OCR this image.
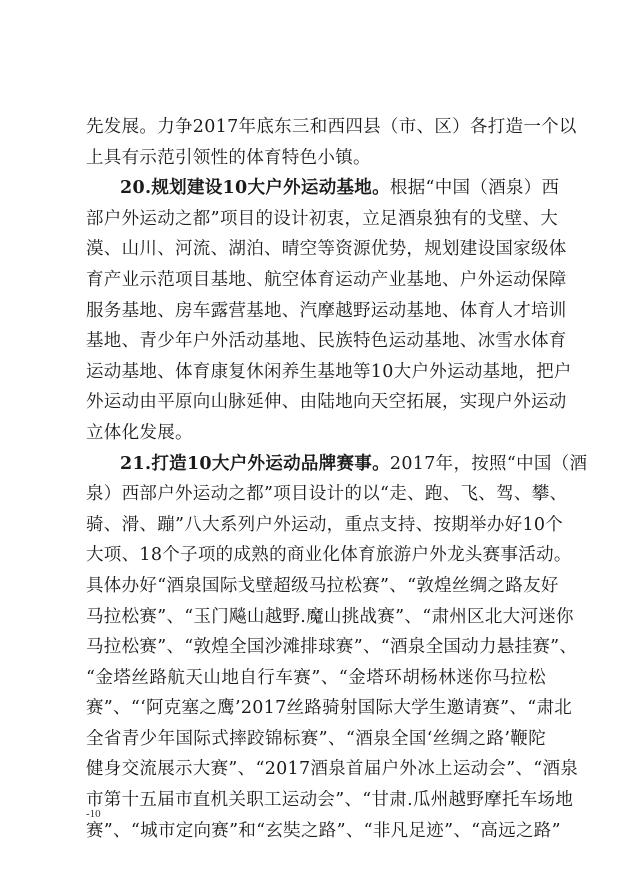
先发展。力争2017年底东三和西四县（市、区）各打造一个以
上具有示范引领性的体育特色小镇。
20.规划建设10大户外运动基地。根据“中国（酒泉）西
部户外运动之都”项目的设计初衷，立足酒泉独有的戈壁、大
漠、山川、河流、湖泊、晴空等资源优势，规划建设国家级体
育产业示范项目基地、航空体育运动产业基地、户外运动保障
服务基地、房车露营基地、汽摩越野运动基地、体育人才培训
基地、青少年户外活动基地、民族特色运动基地、冰雪水体育
运动基地、体育康复休闲养生基地等10大户外运动基地，把户
外运动由平原向山脉延伸、由陆地向天空拓展，实现户外运动
立体化发展。
21.打造10大户外运动品牌赛事。2017年，按照“中国（酒
泉）西部户外运动之都”项目设计的以“走、跑、飞、驾、攀、
骑、滑、蹦”八大系列户外运动，重点支持、按期举办好10个
大项、18个子项的成熟的商业化体育旅游户外龙头赛事活动。
具体办好“酒泉国际戈壁超级马拉松赛”、“敦煌丝绸之路友好
马拉松赛”、“玉门飚山越野.魔山挑战赛”、“肃州区北大河迷你
马拉松赛”、“敦煌全国沙滩排球赛”、“酒泉全国动力悬挂赛”、
“金塔丝路航天山地自行车赛”、“金塔环胡杨林迷你马拉松
赛”、“‘阿克塞之鹰’2017丝路骑射国际大学生邀请赛”、“肃北
全省青少年国际式摔跤锦标赛”、“酒泉全国‘丝绸之路’鞭陀
健身交流展示大赛”、“2017酒泉首届户外冰上运动会”、“酒泉
市第十五届市直机关职工运动会”、“甘肃.瓜州越野摩托车场地
赛”、“城市定向赛”和“玄奘之路”、“非凡足迹”、“高远之路”
-10
